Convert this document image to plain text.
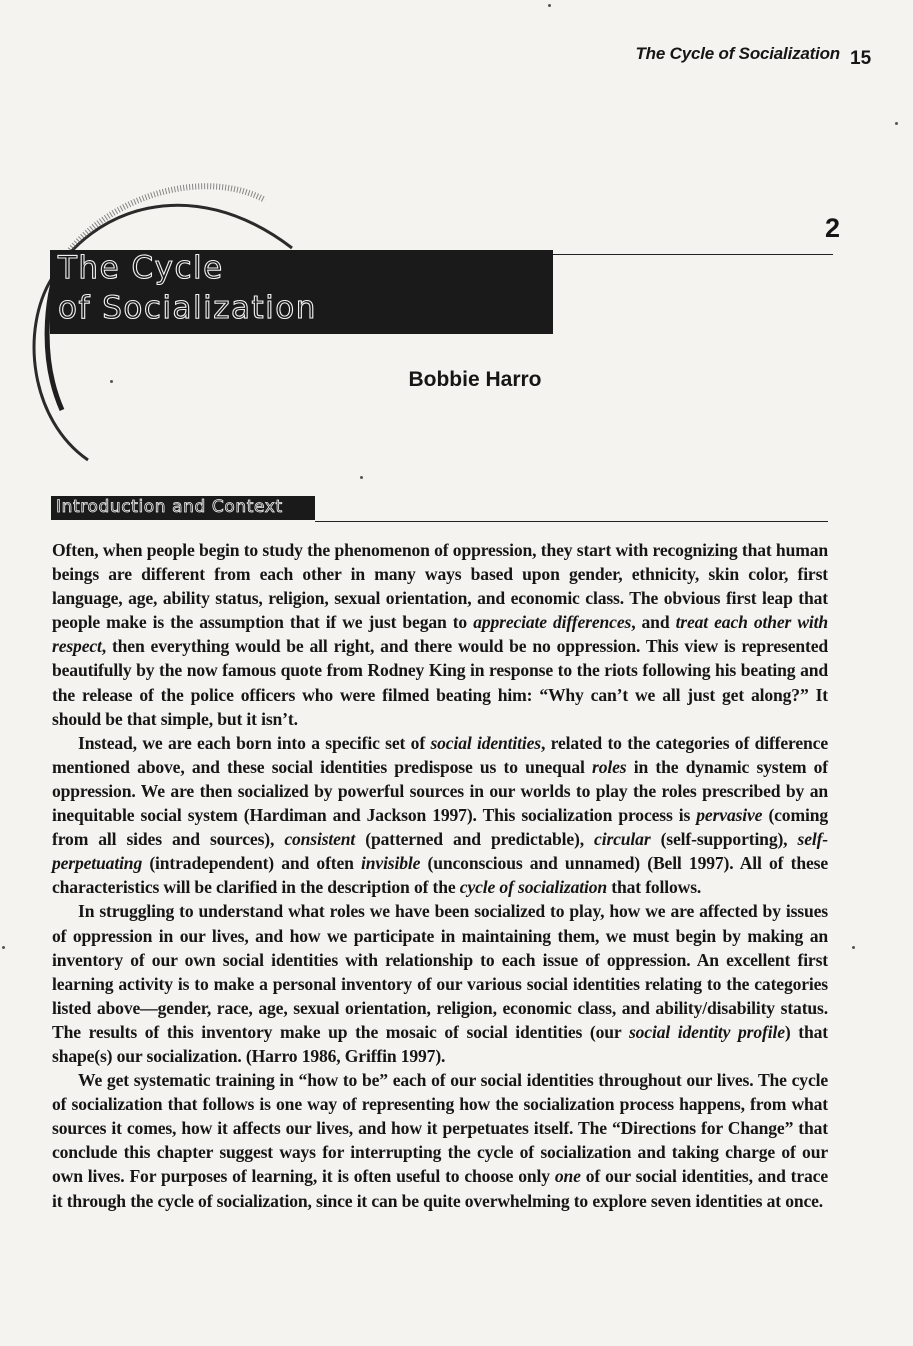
The Cycle of Socialization 15
2
The Cycle
of Socialization
Bobbie Harro
Introduction and Context

Often, when people begin to study the phenomenon of oppression, they start with recognizing that human beings are different from each other in many ways based upon gender, ethnicity, skin color, first language, age, ability status, religion, sexual orientation, and economic class. The obvious first leap that people make is the assumption that if we just began to appreciate differences, and treat each other with respect, then everything would be all right, and there would be no oppression. This view is represented beautifully by the now famous quote from Rodney King in response to the riots following his beating and the release of the police officers who were filmed beating him: “Why can’t we all just get along?” It should be that simple, but it isn’t.

Instead, we are each born into a specific set of social identities, related to the categories of difference mentioned above, and these social identities predispose us to unequal roles in the dynamic system of oppression. We are then socialized by powerful sources in our worlds to play the roles prescribed by an inequitable social system (Hardiman and Jackson 1997). This socialization process is pervasive (coming from all sides and sources), consistent (patterned and predictable), circular (self-supporting), self-perpetuating (intradependent) and often invisible (unconscious and unnamed) (Bell 1997). All of these characteristics will be clarified in the description of the cycle of socialization that follows.

In struggling to understand what roles we have been socialized to play, how we are affected by issues of oppression in our lives, and how we participate in maintaining them, we must begin by making an inventory of our own social identities with relationship to each issue of oppression. An excellent first learning activity is to make a personal inventory of our various social identities relating to the categories listed above—gender, race, age, sexual orientation, religion, economic class, and ability/disability status. The results of this inventory make up the mosaic of social identities (our social identity profile) that shape(s) our socialization. (Harro 1986, Griffin 1997).

We get systematic training in “how to be” each of our social identities throughout our lives. The cycle of socialization that follows is one way of representing how the socialization process happens, from what sources it comes, how it affects our lives, and how it perpetuates itself. The “Directions for Change” that conclude this chapter suggest ways for interrupting the cycle of socialization and taking charge of our own lives. For purposes of learning, it is often useful to choose only one of our social identities, and trace it through the cycle of socialization, since it can be quite overwhelming to explore seven identities at once.
